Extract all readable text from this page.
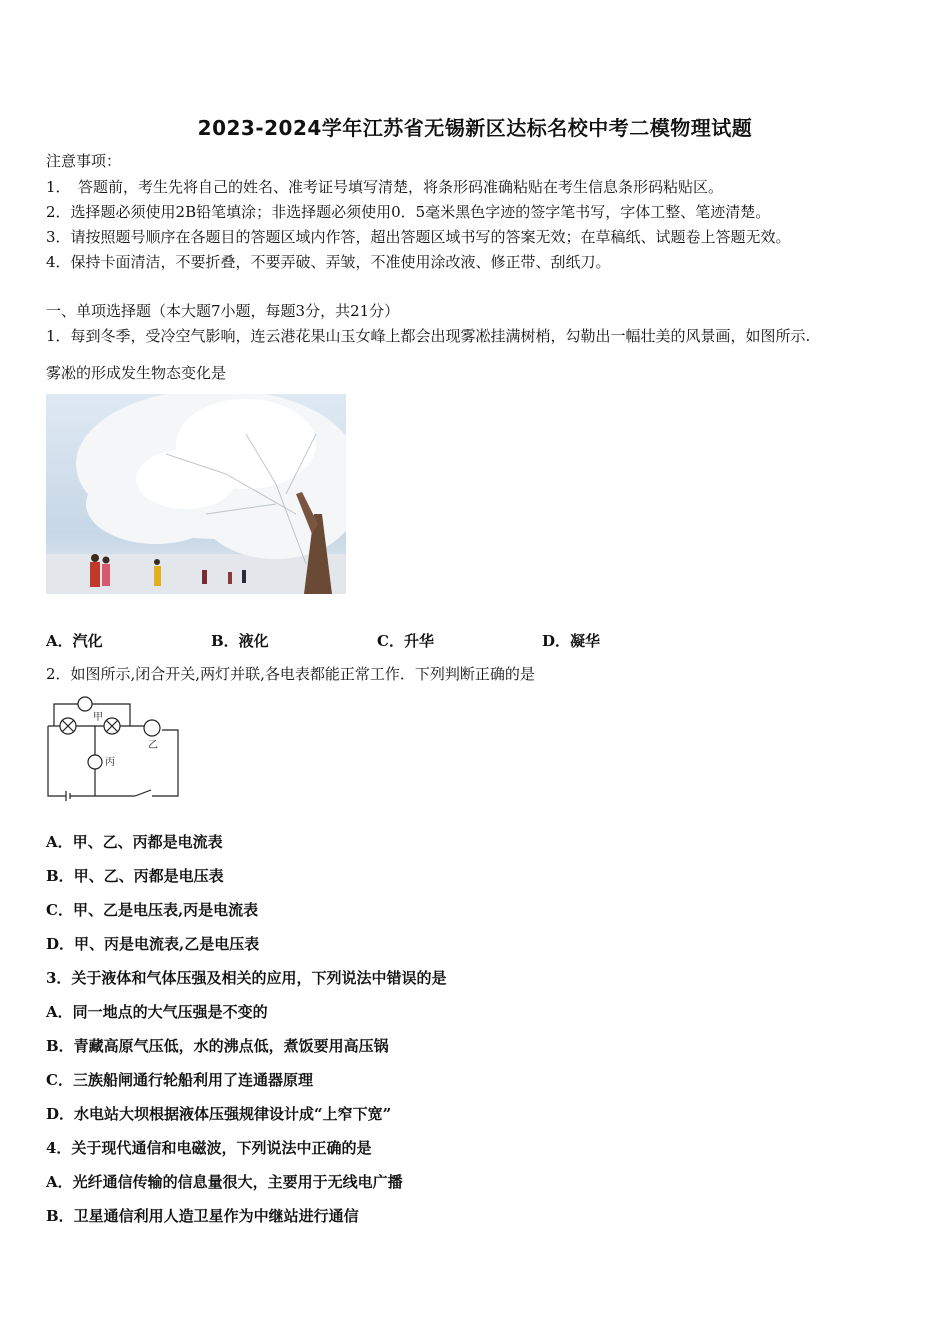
2023-2024学年江苏省无锡新区达标名校中考二模物理试题
注意事项：
1．　答题前，考生先将自己的姓名、准考证号填写清楚，将条形码准确粘贴在考生信息条形码粘贴区。
2．选择题必须使用2B铅笔填涂；非选择题必须使用0．5毫米黑色字迹的签字笔书写，字体工整、笔迹清楚。
3．请按照题号顺序在各题目的答题区域内作答，超出答题区域书写的答案无效；在草稿纸、试题卷上答题无效。
4．保持卡面清洁，不要折叠，不要弄破、弄皱，不准使用涂改液、修正带、刮纸刀。
一、单项选择题（本大题7小题，每题3分，共21分）
1．每到冬季，受冷空气影响，连云港花果山玉女峰上都会出现雾凇挂满树梢，勾勒出一幅壮美的风景画，如图所示.
雾凇的形成发生物态变化是
A．汽化	B．液化	C．升华	D．凝华
2．如图所示,闭合开关,两灯并联,各电表都能正常工作．下列判断正确的是
甲
乙
丙
A．甲、乙、丙都是电流表
B．甲、乙、丙都是电压表
C．甲、乙是电压表,丙是电流表
D．甲、丙是电流表,乙是电压表
3．关于液体和气体压强及相关的应用，下列说法中错误的是
A．同一地点的大气压强是不变的
B．青藏高原气压低，水的沸点低，煮饭要用高压锅
C．三族船闸通行轮船利用了连通器原理
D．水电站大坝根据液体压强规律设计成“上窄下宽”
4．关于现代通信和电磁波，下列说法中正确的是
A．光纤通信传输的信息量很大，主要用于无线电广播
B．卫星通信利用人造卫星作为中继站进行通信
